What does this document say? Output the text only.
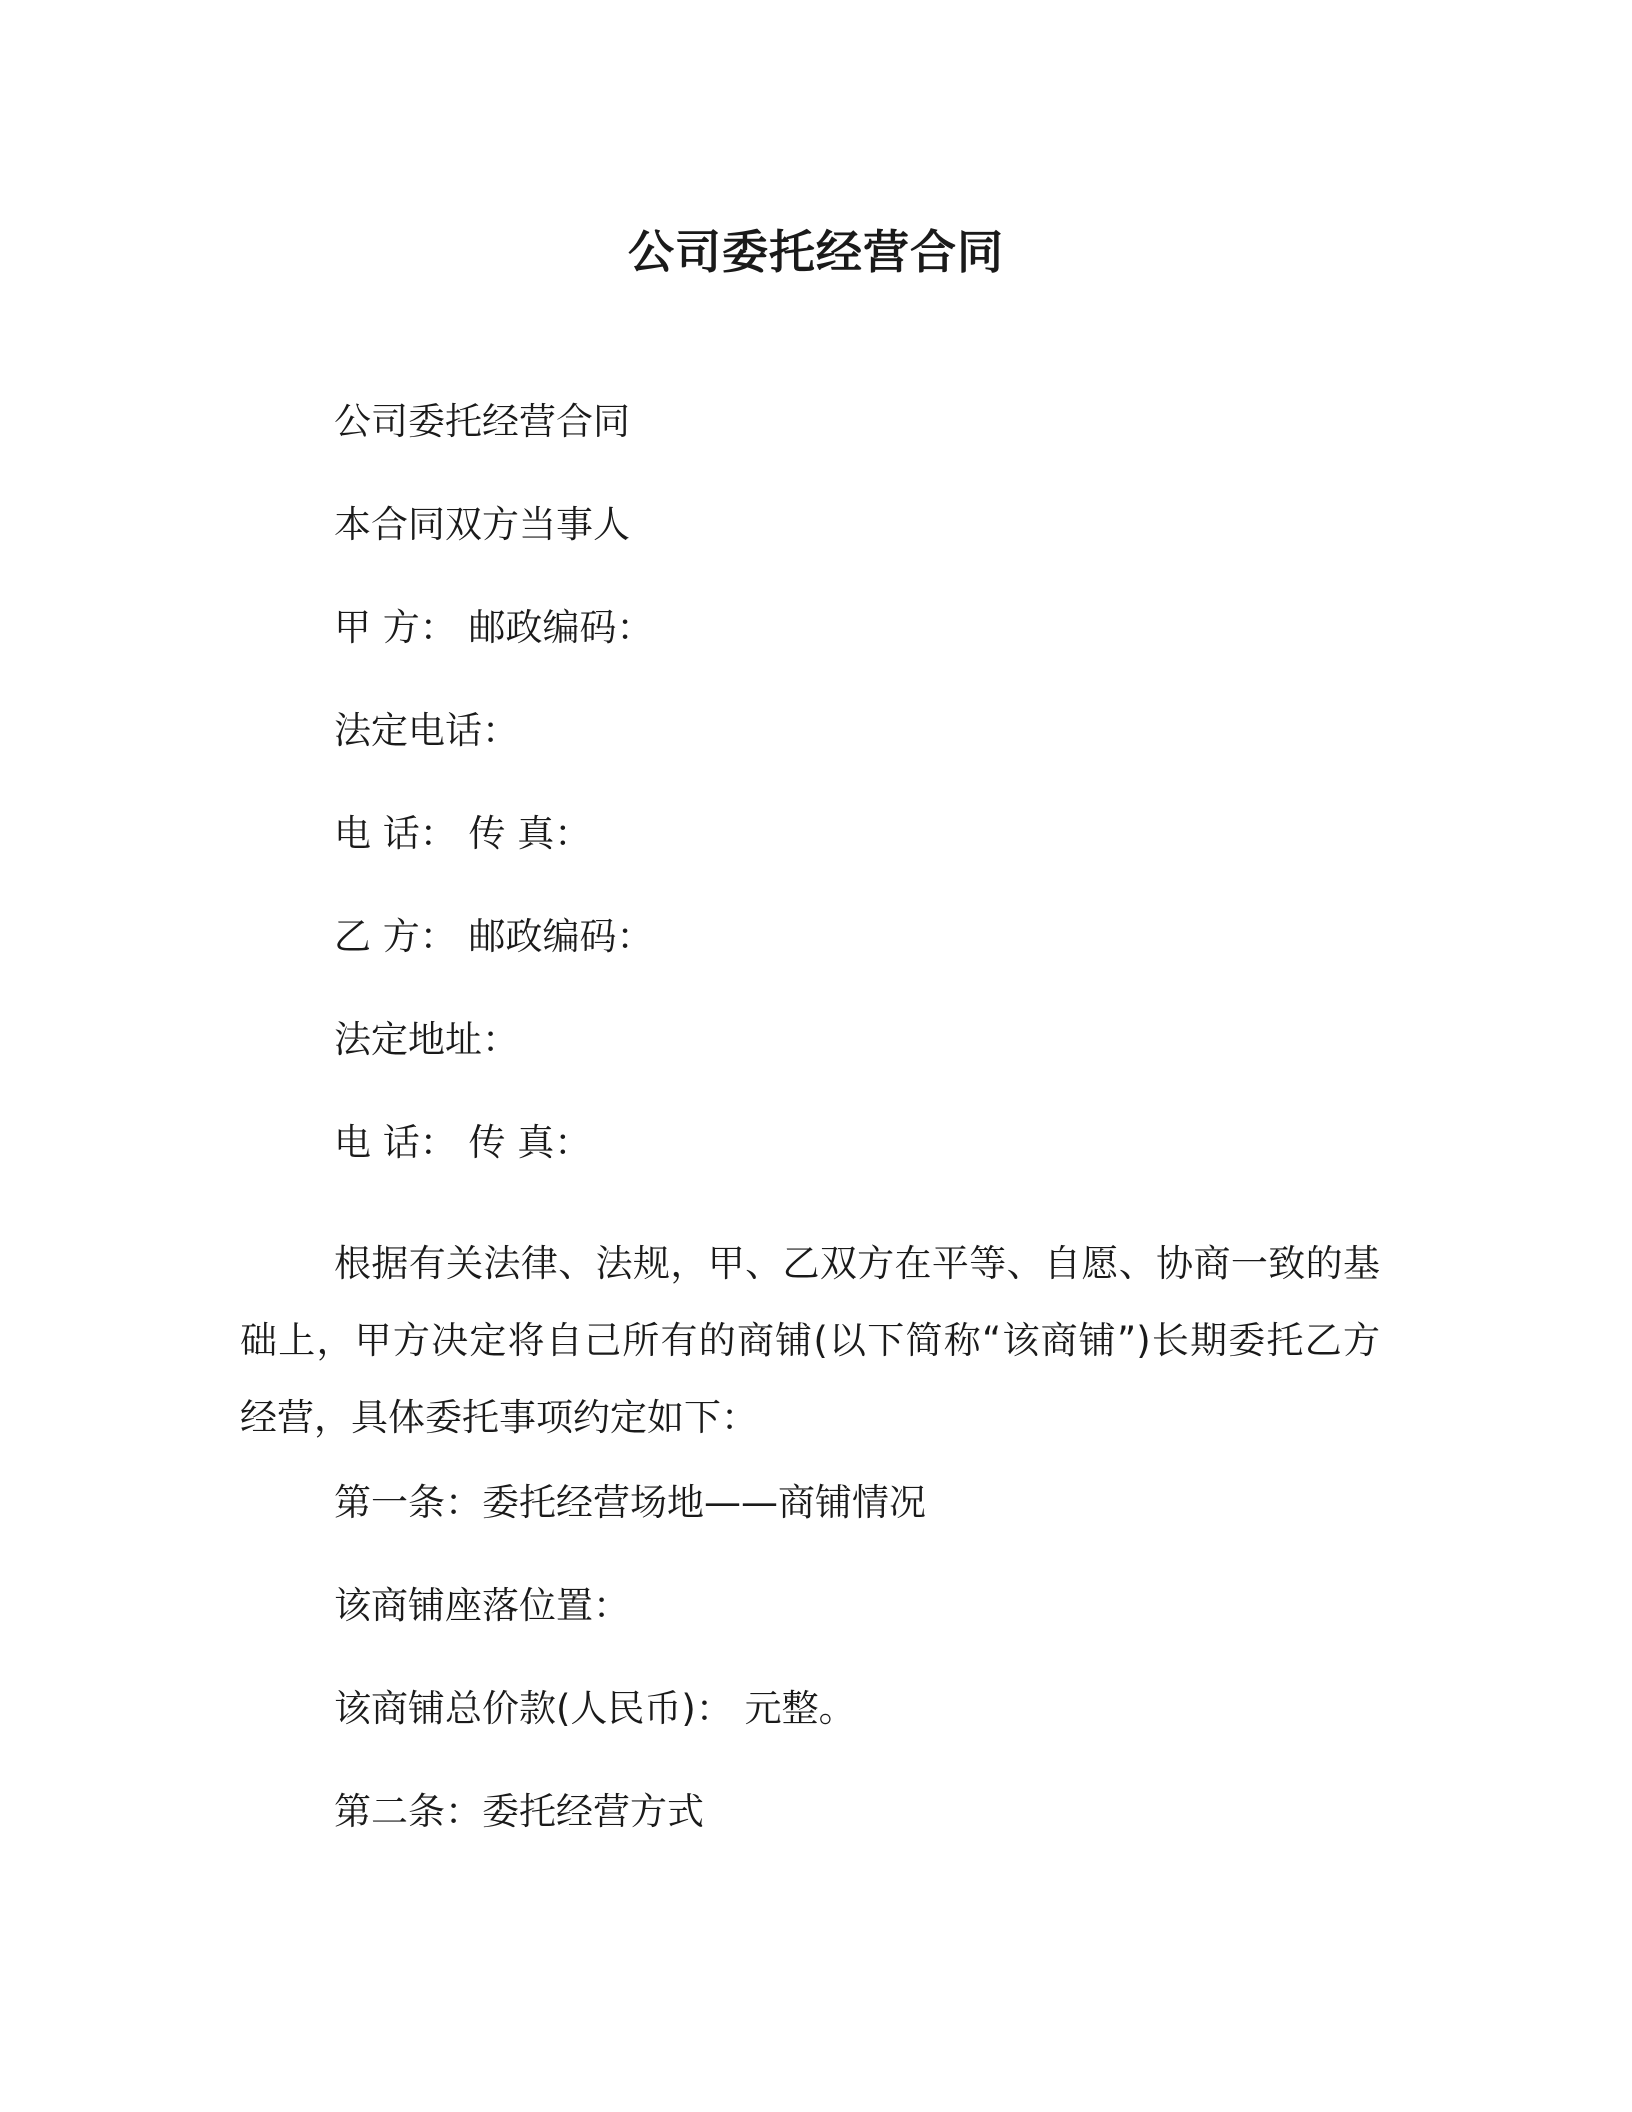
公司委托经营合同
公司委托经营合同
本合同双方当事人
甲 方： 邮政编码：
法定电话：
电 话： 传 真：
乙 方： 邮政编码：
法定地址：
电 话： 传 真：
根据有关法律、法规，甲、乙双方在平等、自愿、协商一致的基础上，甲方决定将自己所有的商铺(以下简称“该商铺”)长期委托乙方经营，具体委托事项约定如下：
第一条：委托经营场地——商铺情况
该商铺座落位置：
该商铺总价款(人民币)： 元整。
第二条：委托经营方式
